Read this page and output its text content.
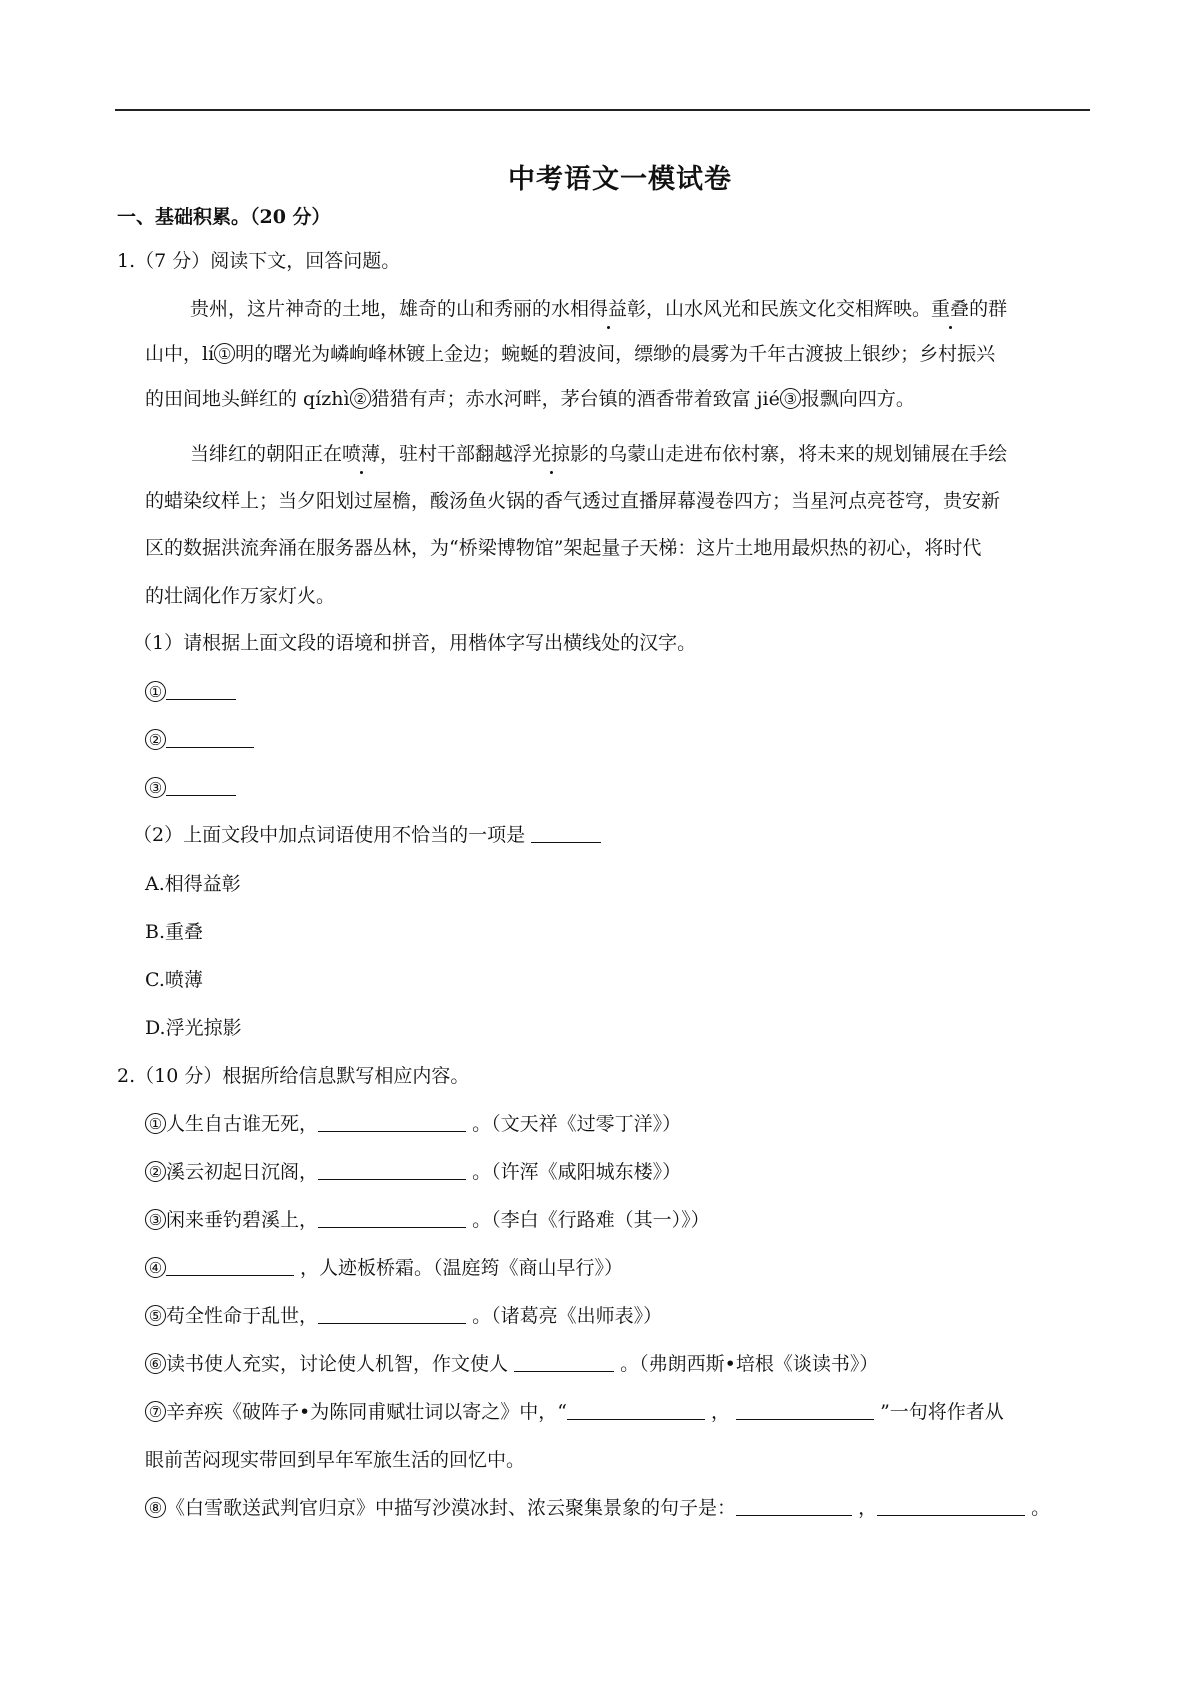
中考语文一模试卷
一、基础积累。（20 分）
1.（7 分）阅读下文，回答问题。
贵州，这片神奇的土地，雄奇的山和秀丽的水相得益彰，山水风光和民族文化交相辉映。重叠的群
山中，lí ① 明的曙光为嶙峋峰林镀上金边；蜿蜒的碧波间，缥缈的晨雾为千年古渡披上银纱；乡村振兴
的田间地头鲜红的 qízhì ② 猎猎有声；赤水河畔，茅台镇的酒香带着致富 jié ③ 报飘向四方。
当绯红的朝阳正在喷薄，驻村干部翻越浮光掠影的乌蒙山走进布依村寨，将未来的规划铺展在手绘
的蜡染纹样上；当夕阳划过屋檐，酸汤鱼火锅的香气透过直播屏幕漫卷四方；当星河点亮苍穹，贵安新
区的数据洪流奔涌在服务器丛林，为“桥梁博物馆”架起量子天梯：这片土地用最炽热的初心，将时代
的壮阔化作万家灯火。
（1）请根据上面文段的语境和拼音，用楷体字写出横线处的汉字。
①
②
③
（2）上面文段中加点词语使用不恰当的一项是
A.相得益彰
B.重叠
C.喷薄
D.浮光掠影
2.（10 分）根据所给信息默写相应内容。
① 人生自古谁无死，	。（文天祥《过零丁洋》）
② 溪云初起日沉阁，	。（许浑《咸阳城东楼》）
③ 闲来垂钓碧溪上，	。（李白《行路难（其一）》）
④	，人迹板桥霜。（温庭筠《商山早行》）
⑤ 苟全性命于乱世，	。（诸葛亮《出师表》）
⑥ 读书使人充实，讨论使人机智，作文使人	。（弗朗西斯•培根《谈读书》）
⑦ 辛弃疾《破阵子•为陈同甫赋壮词以寄之》中，“	，	”一句将作者从
眼前苦闷现实带回到早年军旅生活的回忆中。
⑧ 《白雪歌送武判官归京》中描写沙漠冰封、浓云聚集景象的句子是：	，	。
